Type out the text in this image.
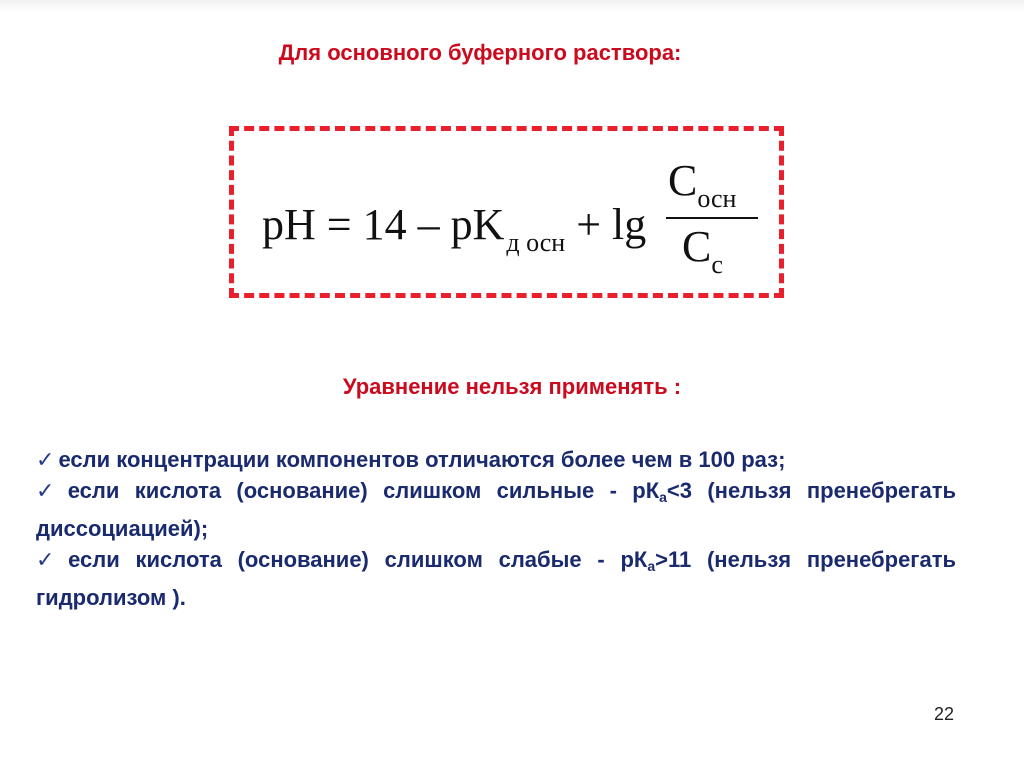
Для основного буферного раствора:
pH = $14 - pK_{д осн} + \lg$
$C_{осн}$
$C_с$
Уравнение нельзя применять :

✓ если концентрации компонентов отличаются более чем в 100 раз;

✓ если кислота (основание) слишком сильные - pКа<3 (нельзя пренебрегать диссоциацией);

✓ если кислота (основание) слишком слабые - pКа>11 (нельзя пренебрегать гидролизом ).

22
